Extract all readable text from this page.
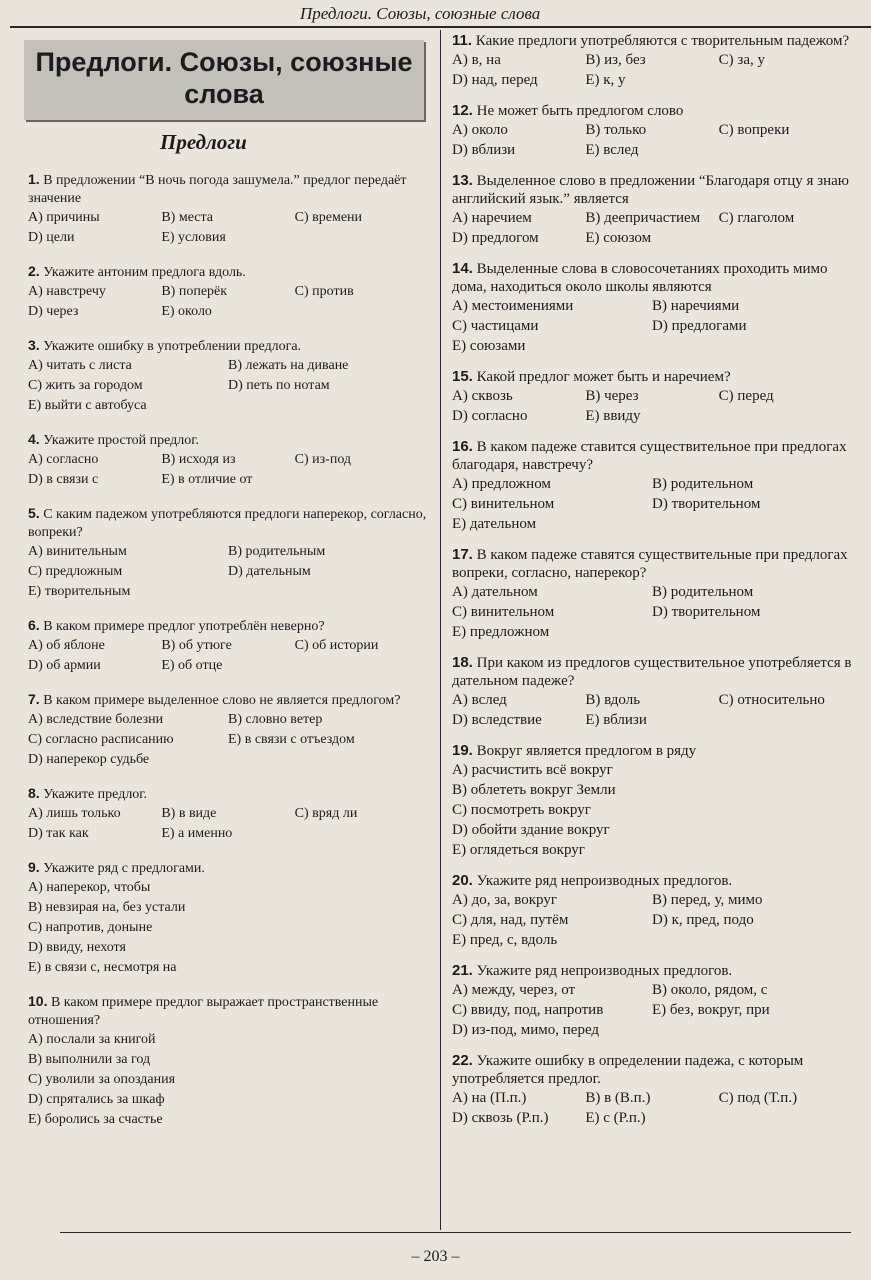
Предлоги. Союзы, союзные слова
Предлоги. Союзы, союзные слова
Предлоги
1. В предложении “В ночь погода зашумела.” предлог передаёт значение
A) причины	B) места	C) времени
D) цели	E) условия
2. Укажите антоним предлога вдоль.
A) навстречу	B) поперёк	C) против
D) через	E) около
3. Укажите ошибку в употреблении предлога.
A) читать с листа	B) лежать на диване
C) жить за городом	D) петь по нотам
E) выйти с автобуса
4. Укажите простой предлог.
A) согласно	B) исходя из	C) из-под
D) в связи с	E) в отличие от
5. С каким падежом употребляются предлоги наперекор, согласно, вопреки?
A) винительным	B) родительным
C) предложным	D) дательным
E) творительным
6. В каком примере предлог употреблён неверно?
A) об яблоне	B) об утюге	C) об истории
D) об армии	E) об отце
7. В каком примере выделенное слово не является предлогом?
A) вследствие болезни	B) словно ветер
C) согласно расписанию	E) в связи с отъездом
D) наперекор судьбе
8. Укажите предлог.
A) лишь только	B) в виде	C) вряд ли
D) так как	E) а именно
9. Укажите ряд с предлогами.
A) наперекор, чтобы
B) невзирая на, без устали
C) напротив, доныне
D) ввиду, нехотя
E) в связи с, несмотря на
10. В каком примере предлог выражает пространственные отношения?
A) послали за книгой
B) выполнили за год
C) уволили за опоздания
D) спрятались за шкаф
E) боролись за счастье
11. Какие предлоги употребляются с творительным падежом?
A) в, на	B) из, без	C) за, у
D) над, перед	E) к, у
12. Не может быть предлогом слово
A) около	B) только	C) вопреки
D) вблизи	E) вслед
13. Выделенное слово в предложении “Благодаря отцу я знаю английский язык.” является
A) наречием	B) деепричастием	C) глаголом
D) предлогом	E) союзом
14. Выделенные слова в словосочетаниях проходить мимо дома, находиться около школы являются
A) местоимениями	B) наречиями
C) частицами	D) предлогами
E) союзами
15. Какой предлог может быть и наречием?
A) сквозь	B) через	C) перед
D) согласно	E) ввиду
16. В каком падеже ставится существительное при предлогах благодаря, навстречу?
A) предложном	B) родительном
C) винительном	D) творительном
E) дательном
17. В каком падеже ставятся существительные при предлогах вопреки, согласно, наперекор?
A) дательном	B) родительном
C) винительном	D) творительном
E) предложном
18. При каком из предлогов существительное употребляется в дательном падеже?
A) вслед	B) вдоль	C) относительно
D) вследствие	E) вблизи
19. Вокруг является предлогом в ряду
A) расчистить всё вокруг
B) облететь вокруг Земли
C) посмотреть вокруг
D) обойти здание вокруг
E) оглядеться вокруг
20. Укажите ряд непроизводных предлогов.
A) до, за, вокруг	B) перед, у, мимо
C) для, над, путём	D) к, пред, подо
E) пред, с, вдоль
21. Укажите ряд непроизводных предлогов.
A) между, через, от	B) около, рядом, с
C) ввиду, под, напротив	E) без, вокруг, при
D) из-под, мимо, перед
22. Укажите ошибку в определении падежа, с которым употребляется предлог.
A) на (П.п.)	B) в (В.п.)	C) под (Т.п.)
D) сквозь (Р.п.)	E) с (Р.п.)
– 203 –
